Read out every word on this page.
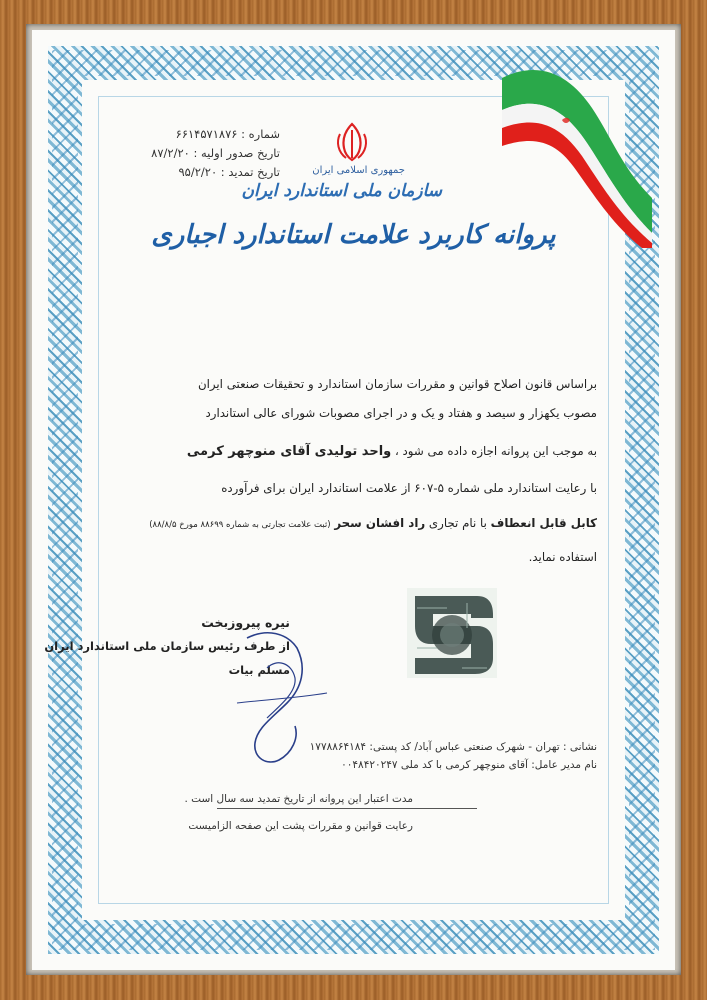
شماره : ۶۶۱۴۵۷۱۸۷۶
تاریخ صدور اولیه : ۸۷/۲/۲۰
تاریخ تمدید : ۹۵/۲/۲۰	جمهوری اسلامی ایران
سازمان ملی استاندارد ایران
پروانه کاربرد علامت استاندارد اجباری
براساس قانون اصلاح قوانین و مقررات سازمان استاندارد و تحقیقات صنعتی ایران
مصوب یکهزار و سیصد و هفتاد و یک و در اجرای مصوبات شورای عالی استاندارد
به موجب این پروانه اجازه داده می شود ، واحد تولیدی آقای منوچهر کرمی
با رعایت استاندارد ملی شماره ۵-۶۰۷ از علامت استاندارد ایران برای فرآورده
کابل قابل انعطاف با نام تجاری راد افشان سحر (ثبت علامت تجارتی به شماره ۸۸۶۹۹ مورخ ۸۸/۸/۵)
استفاده نماید.
نیره پیروزبخت
از طرف رئیس سازمان ملی استاندارد ایران
مسلم بیات
نشانی : تهران - شهرک صنعتی عباس آباد/ کد پستی: ۱۷۷۸۸۶۴۱۸۴
نام مدیر عامل: آقای منوچهر کرمی با کد ملی ۰۰۴۸۴۲۰۲۴۷
مدت اعتبار این پروانه از تاریخ تمدید سه سال است .
رعایت قوانین و مقررات پشت این صفحه الزامیست
